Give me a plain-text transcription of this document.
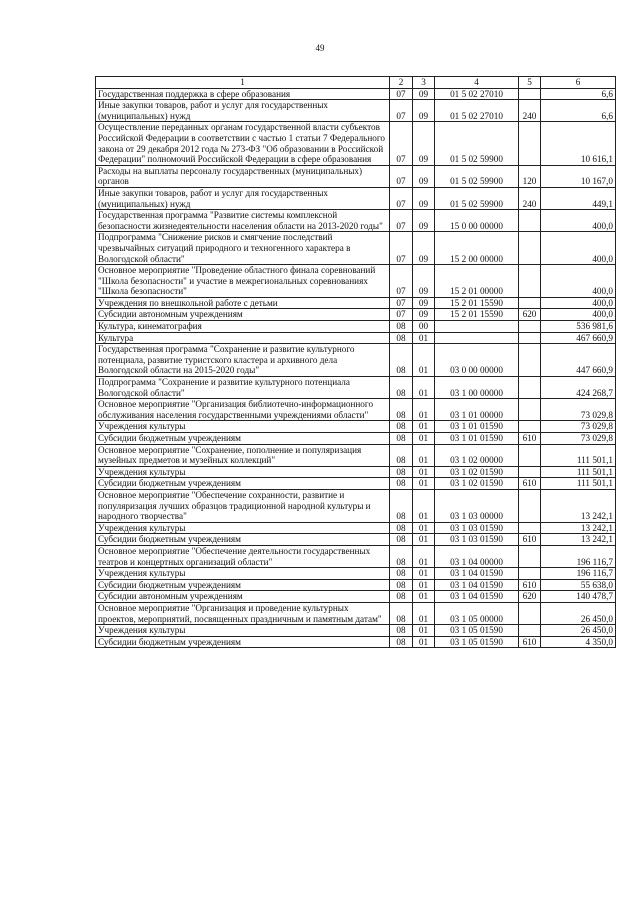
49
1	2	3	4	5	6
Государственная поддержка в сфере образования	07	09	01 5 02 27010		6,6
Иные закупки товаров, работ и услуг для государственных (муниципальных) нужд	07	09	01 5 02 27010	240	6,6
Осуществление переданных органам государственной власти субъектов Российской Федерации в соответствии с частью 1 статьи 7 Федерального закона от 29 декабря 2012 года № 273-ФЗ "Об образовании в Российской Федерации" полномочий Российской Федерации в сфере образования	07	09	01 5 02 59900		10 616,1
Расходы на выплаты персоналу государственных (муниципальных) органов	07	09	01 5 02 59900	120	10 167,0
Иные закупки товаров, работ и услуг для государственных (муниципальных) нужд	07	09	01 5 02 59900	240	449,1
Государственная программа "Развитие системы комплексной безопасности жизнедеятельности населения области на 2013-2020 годы"	07	09	15 0 00 00000		400,0
Подпрограмма "Снижение рисков и смягчение последствий чрезвычайных ситуаций природного и техногенного характера в Вологодской области"	07	09	15 2 00 00000		400,0
Основное мероприятие "Проведение областного финала соревнований "Школа безопасности" и участие в межрегиональных соревнованиях "Школа безопасности"	07	09	15 2 01 00000		400,0
Учреждения по внешкольной работе с детьми	07	09	15 2 01 15590		400,0
Субсидии автономным учреждениям	07	09	15 2 01 15590	620	400,0
Культура, кинематография	08	00			536 981,6
Культура	08	01			467 660,9
Государственная программа "Сохранение и развитие культурного потенциала, развитие туристского кластера и архивного дела Вологодской области на 2015-2020 годы"	08	01	03 0 00 00000		447 660,9
Подпрограмма "Сохранение и развитие культурного потенциала Вологодской области"	08	01	03 1 00 00000		424 268,7
Основное мероприятие "Организация библиотечно-информационного обслуживания населения государственными учреждениями области"	08	01	03 1 01 00000		73 029,8
Учреждения культуры	08	01	03 1 01 01590		73 029,8
Субсидии бюджетным учреждениям	08	01	03 1 01 01590	610	73 029,8
Основное мероприятие "Сохранение, пополнение и популяризация музейных предметов и музейных коллекций"	08	01	03 1 02 00000		111 501,1
Учреждения культуры	08	01	03 1 02 01590		111 501,1
Субсидии бюджетным учреждениям	08	01	03 1 02 01590	610	111 501,1
Основное мероприятие "Обеспечение сохранности, развитие и популяризация лучших образцов традиционной народной культуры и народного творчества"	08	01	03 1 03 00000		13 242,1
Учреждения культуры	08	01	03 1 03 01590		13 242,1
Субсидии бюджетным учреждениям	08	01	03 1 03 01590	610	13 242,1
Основное мероприятие "Обеспечение деятельности государственных театров и концертных организаций области"	08	01	03 1 04 00000		196 116,7
Учреждения культуры	08	01	03 1 04 01590		196 116,7
Субсидии бюджетным учреждениям	08	01	03 1 04 01590	610	55 638,0
Субсидии автономным учреждениям	08	01	03 1 04 01590	620	140 478,7
Основное мероприятие "Организация и проведение культурных проектов, мероприятий, посвященных праздничным и памятным датам"	08	01	03 1 05 00000		26 450,0
Учреждения культуры	08	01	03 1 05 01590		26 450,0
Субсидии бюджетным учреждениям	08	01	03 1 05 01590	610	4 350,0
